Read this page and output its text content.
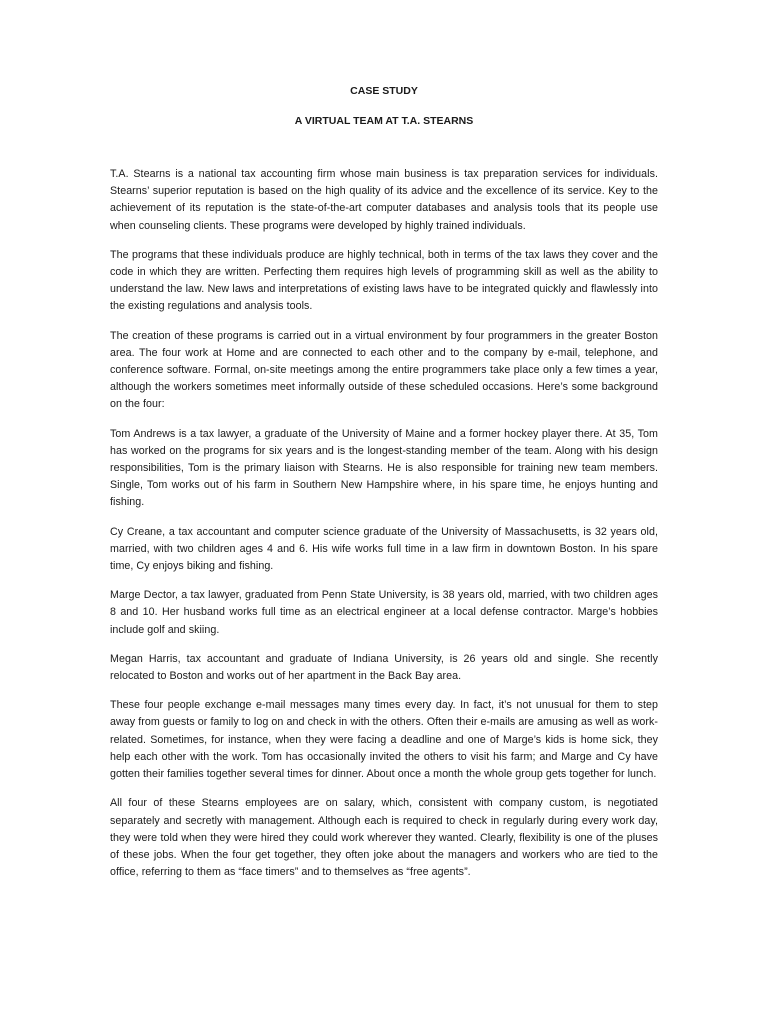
CASE STUDY

A VIRTUAL TEAM AT T.A. STEARNS

T.A. Stearns is a national tax accounting firm whose main business is tax preparation services for individuals. Stearns’ superior reputation is based on the high quality of its advice and the excellence of its service. Key to the achievement of its reputation is the state-of-the-art computer databases and analysis tools that its people use when counseling clients. These programs were developed by highly trained individuals.

The programs that these individuals produce are highly technical, both in terms of the tax laws they cover and the code in which they are written. Perfecting them requires high levels of programming skill as well as the ability to understand the law. New laws and interpretations of existing laws have to be integrated quickly and flawlessly into the existing regulations and analysis tools.

The creation of these programs is carried out in a virtual environment by four programmers in the greater Boston area. The four work at Home and are connected to each other and to the company by e-mail, telephone, and conference software. Formal, on-site meetings among the entire programmers take place only a few times a year, although the workers sometimes meet informally outside of these scheduled occasions. Here’s some background on the four:

Tom Andrews is a tax lawyer, a graduate of the University of Maine and a former hockey player there. At 35, Tom has worked on the programs for six years and is the longest-standing member of the team. Along with his design responsibilities, Tom is the primary liaison with Stearns. He is also responsible for training new team members. Single, Tom works out of his farm in Southern New Hampshire where, in his spare time, he enjoys hunting and fishing.

Cy Creane, a tax accountant and computer science graduate of the University of Massachusetts, is 32 years old, married, with two children ages 4 and 6. His wife works full time in a law firm in downtown Boston. In his spare time, Cy enjoys biking and fishing.

Marge Dector, a tax lawyer, graduated from Penn State University, is 38 years old, married, with two children ages 8 and 10. Her husband works full time as an electrical engineer at a local defense contractor. Marge’s hobbies include golf and skiing.

Megan Harris, tax accountant and graduate of Indiana University, is 26 years old and single. She recently relocated to Boston and works out of her apartment in the Back Bay area.

These four people exchange e-mail messages many times every day. In fact, it’s not unusual for them to step away from guests or family to log on and check in with the others. Often their e-mails are amusing as well as work-related. Sometimes, for instance, when they were facing a deadline and one of Marge’s kids is home sick, they help each other with the work. Tom has occasionally invited the others to visit his farm; and Marge and Cy have gotten their families together several times for dinner. About once a month the whole group gets together for lunch.

All four of these Stearns employees are on salary, which, consistent with company custom, is negotiated separately and secretly with management. Although each is required to check in regularly during every work day, they were told when they were hired they could work wherever they wanted. Clearly, flexibility is one of the pluses of these jobs. When the four get together, they often joke about the managers and workers who are tied to the office, referring to them as “face timers” and to themselves as “free agents”.
